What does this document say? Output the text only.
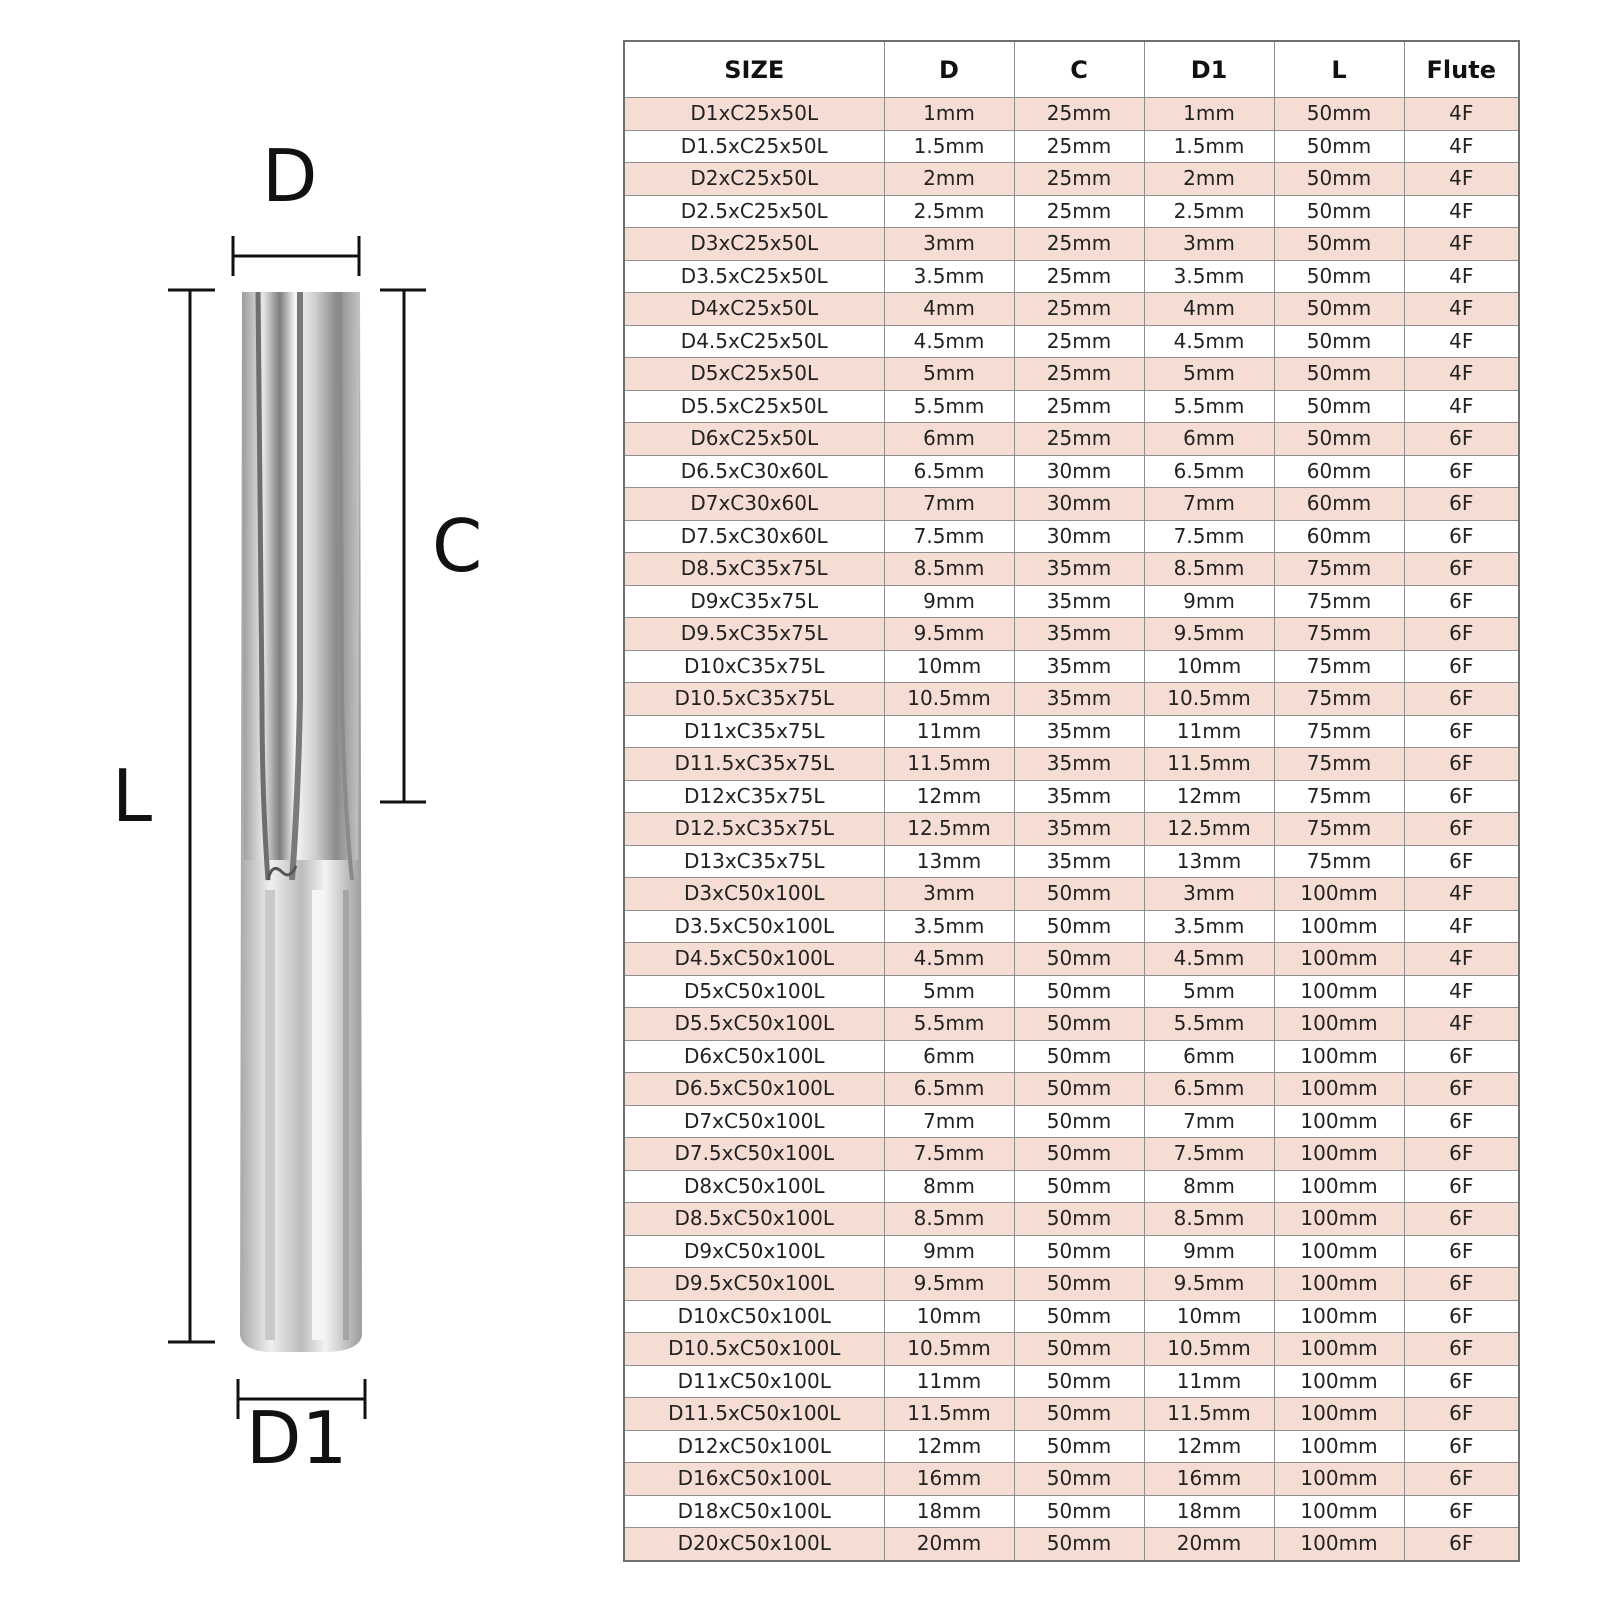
D
C
L
D1
SIZE	D	C	D1	L	Flute
D1xC25x50L	1mm	25mm	1mm	50mm	4F
D1.5xC25x50L	1.5mm	25mm	1.5mm	50mm	4F
D2xC25x50L	2mm	25mm	2mm	50mm	4F
D2.5xC25x50L	2.5mm	25mm	2.5mm	50mm	4F
D3xC25x50L	3mm	25mm	3mm	50mm	4F
D3.5xC25x50L	3.5mm	25mm	3.5mm	50mm	4F
D4xC25x50L	4mm	25mm	4mm	50mm	4F
D4.5xC25x50L	4.5mm	25mm	4.5mm	50mm	4F
D5xC25x50L	5mm	25mm	5mm	50mm	4F
D5.5xC25x50L	5.5mm	25mm	5.5mm	50mm	4F
D6xC25x50L	6mm	25mm	6mm	50mm	6F
D6.5xC30x60L	6.5mm	30mm	6.5mm	60mm	6F
D7xC30x60L	7mm	30mm	7mm	60mm	6F
D7.5xC30x60L	7.5mm	30mm	7.5mm	60mm	6F
D8.5xC35x75L	8.5mm	35mm	8.5mm	75mm	6F
D9xC35x75L	9mm	35mm	9mm	75mm	6F
D9.5xC35x75L	9.5mm	35mm	9.5mm	75mm	6F
D10xC35x75L	10mm	35mm	10mm	75mm	6F
D10.5xC35x75L	10.5mm	35mm	10.5mm	75mm	6F
D11xC35x75L	11mm	35mm	11mm	75mm	6F
D11.5xC35x75L	11.5mm	35mm	11.5mm	75mm	6F
D12xC35x75L	12mm	35mm	12mm	75mm	6F
D12.5xC35x75L	12.5mm	35mm	12.5mm	75mm	6F
D13xC35x75L	13mm	35mm	13mm	75mm	6F
D3xC50x100L	3mm	50mm	3mm	100mm	4F
D3.5xC50x100L	3.5mm	50mm	3.5mm	100mm	4F
D4.5xC50x100L	4.5mm	50mm	4.5mm	100mm	4F
D5xC50x100L	5mm	50mm	5mm	100mm	4F
D5.5xC50x100L	5.5mm	50mm	5.5mm	100mm	4F
D6xC50x100L	6mm	50mm	6mm	100mm	6F
D6.5xC50x100L	6.5mm	50mm	6.5mm	100mm	6F
D7xC50x100L	7mm	50mm	7mm	100mm	6F
D7.5xC50x100L	7.5mm	50mm	7.5mm	100mm	6F
D8xC50x100L	8mm	50mm	8mm	100mm	6F
D8.5xC50x100L	8.5mm	50mm	8.5mm	100mm	6F
D9xC50x100L	9mm	50mm	9mm	100mm	6F
D9.5xC50x100L	9.5mm	50mm	9.5mm	100mm	6F
D10xC50x100L	10mm	50mm	10mm	100mm	6F
D10.5xC50x100L	10.5mm	50mm	10.5mm	100mm	6F
D11xC50x100L	11mm	50mm	11mm	100mm	6F
D11.5xC50x100L	11.5mm	50mm	11.5mm	100mm	6F
D12xC50x100L	12mm	50mm	12mm	100mm	6F
D16xC50x100L	16mm	50mm	16mm	100mm	6F
D18xC50x100L	18mm	50mm	18mm	100mm	6F
D20xC50x100L	20mm	50mm	20mm	100mm	6F
